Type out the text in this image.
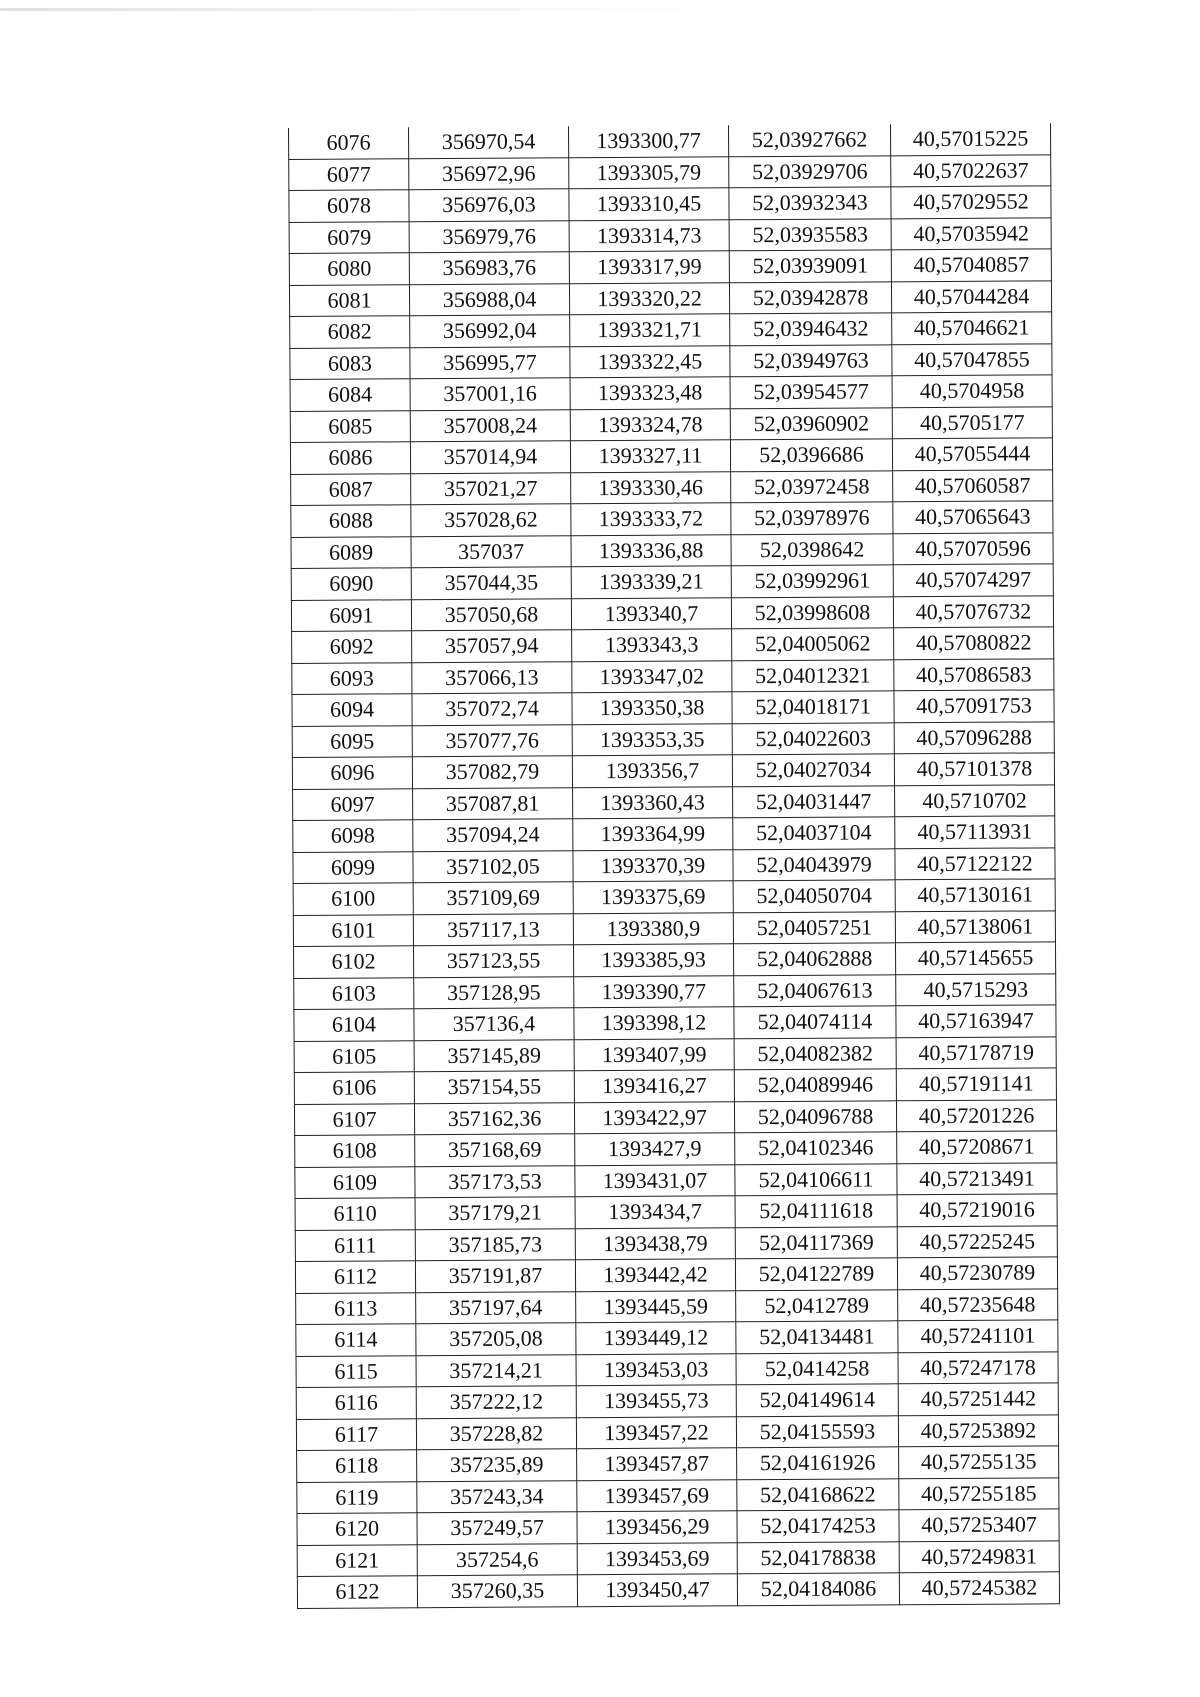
6076	356970,54	1393300,77	52,03927662	40,57015225
6077	356972,96	1393305,79	52,03929706	40,57022637
6078	356976,03	1393310,45	52,03932343	40,57029552
6079	356979,76	1393314,73	52,03935583	40,57035942
6080	356983,76	1393317,99	52,03939091	40,57040857
6081	356988,04	1393320,22	52,03942878	40,57044284
6082	356992,04	1393321,71	52,03946432	40,57046621
6083	356995,77	1393322,45	52,03949763	40,57047855
6084	357001,16	1393323,48	52,03954577	40,5704958
6085	357008,24	1393324,78	52,03960902	40,5705177
6086	357014,94	1393327,11	52,0396686	40,57055444
6087	357021,27	1393330,46	52,03972458	40,57060587
6088	357028,62	1393333,72	52,03978976	40,57065643
6089	357037	1393336,88	52,0398642	40,57070596
6090	357044,35	1393339,21	52,03992961	40,57074297
6091	357050,68	1393340,7	52,03998608	40,57076732
6092	357057,94	1393343,3	52,04005062	40,57080822
6093	357066,13	1393347,02	52,04012321	40,57086583
6094	357072,74	1393350,38	52,04018171	40,57091753
6095	357077,76	1393353,35	52,04022603	40,57096288
6096	357082,79	1393356,7	52,04027034	40,57101378
6097	357087,81	1393360,43	52,04031447	40,5710702
6098	357094,24	1393364,99	52,04037104	40,57113931
6099	357102,05	1393370,39	52,04043979	40,57122122
6100	357109,69	1393375,69	52,04050704	40,57130161
6101	357117,13	1393380,9	52,04057251	40,57138061
6102	357123,55	1393385,93	52,04062888	40,57145655
6103	357128,95	1393390,77	52,04067613	40,5715293
6104	357136,4	1393398,12	52,04074114	40,57163947
6105	357145,89	1393407,99	52,04082382	40,57178719
6106	357154,55	1393416,27	52,04089946	40,57191141
6107	357162,36	1393422,97	52,04096788	40,57201226
6108	357168,69	1393427,9	52,04102346	40,57208671
6109	357173,53	1393431,07	52,04106611	40,57213491
6110	357179,21	1393434,7	52,04111618	40,57219016
6111	357185,73	1393438,79	52,04117369	40,57225245
6112	357191,87	1393442,42	52,04122789	40,57230789
6113	357197,64	1393445,59	52,0412789	40,57235648
6114	357205,08	1393449,12	52,04134481	40,57241101
6115	357214,21	1393453,03	52,0414258	40,57247178
6116	357222,12	1393455,73	52,04149614	40,57251442
6117	357228,82	1393457,22	52,04155593	40,57253892
6118	357235,89	1393457,87	52,04161926	40,57255135
6119	357243,34	1393457,69	52,04168622	40,57255185
6120	357249,57	1393456,29	52,04174253	40,57253407
6121	357254,6	1393453,69	52,04178838	40,57249831
6122	357260,35	1393450,47	52,04184086	40,57245382
